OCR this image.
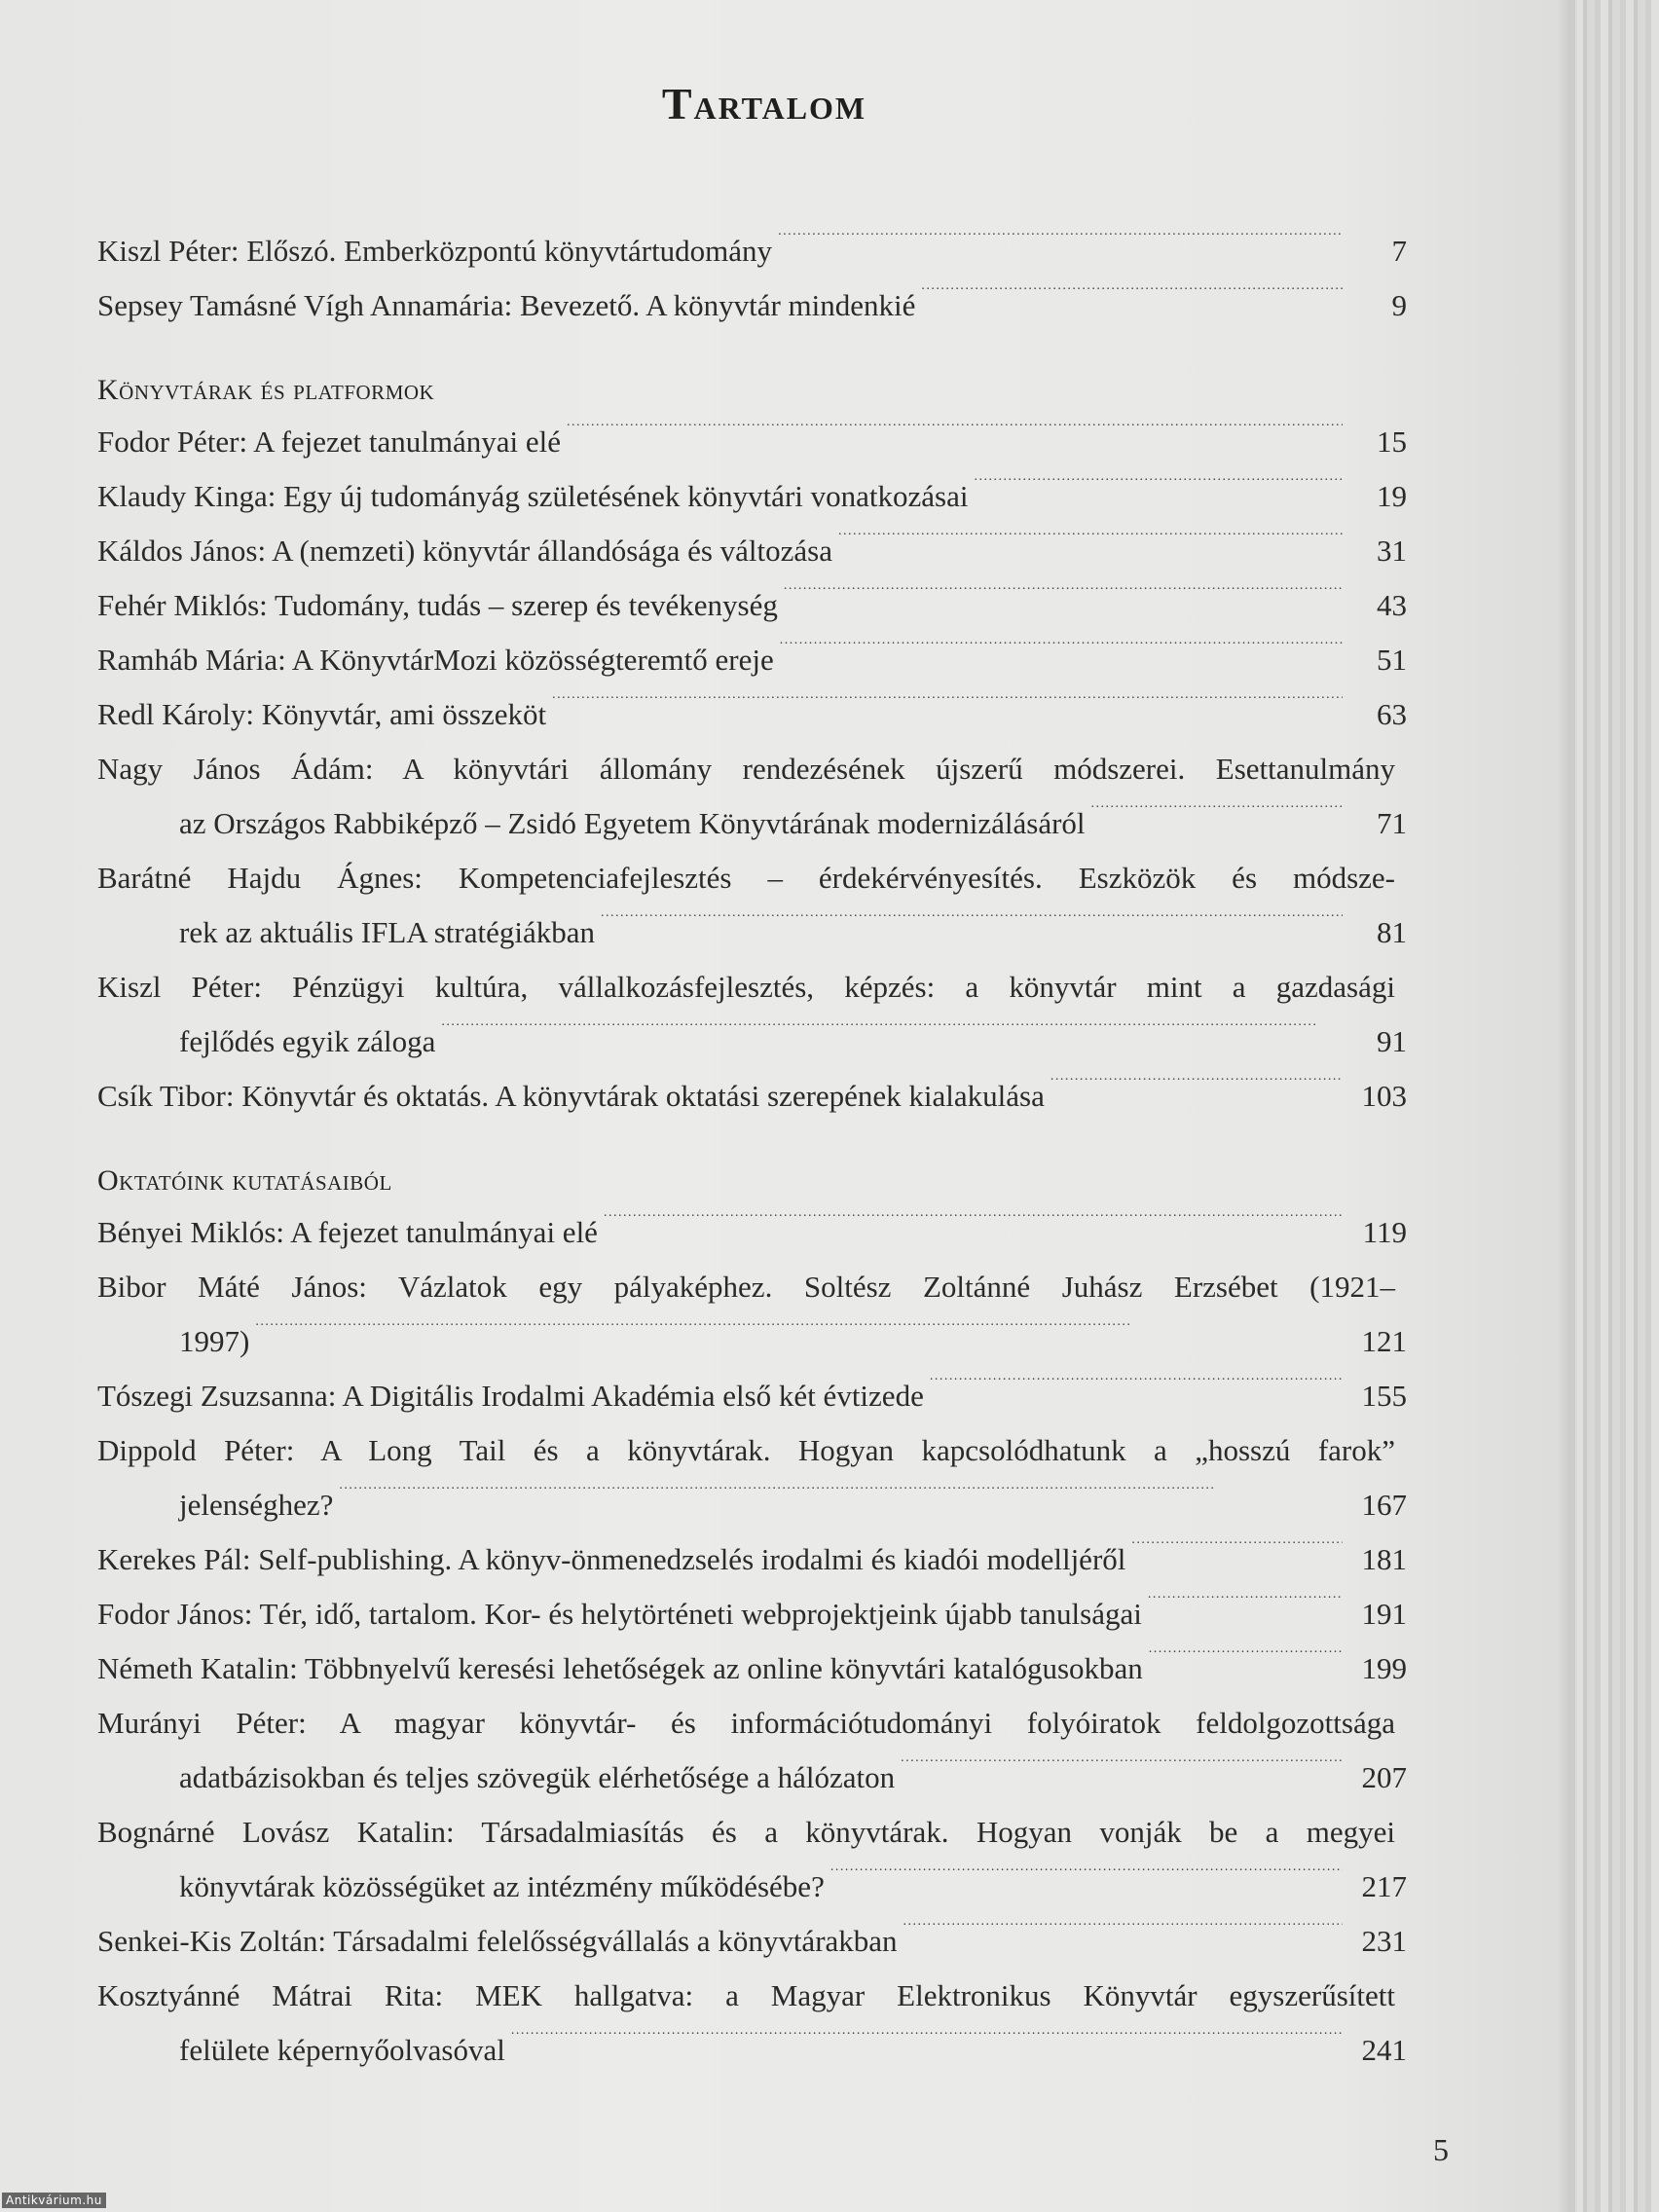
Tartalom
Kiszl Péter: Előszó. Emberközpontú könyvtártudomány . . .	7
Sepsey Tamásné Vígh Annamária: Bevezető. A könyvtár mindenkié . . .	9
Könyvtárak és platformok
Fodor Péter: A fejezet tanulmányai elé . . .	15
Klaudy Kinga: Egy új tudományág születésének könyvtári vonatkozásai . . .	19
Káldos János: A (nemzeti) könyvtár állandósága és változása . . .	31
Fehér Miklós: Tudomány, tudás – szerep és tevékenység . . .	43
Ramháb Mária: A KönyvtárMozi közösségteremtő ereje . . .	51
Redl Károly: Könyvtár, ami összeköt . . .	63
Nagy János Ádám: A könyvtári állomány rendezésének újszerű módszerei. Esettanulmány
az Országos Rabbiképző – Zsidó Egyetem Könyvtárának modernizálásáról . . .	71
Barátné Hajdu Ágnes: Kompetenciafejlesztés – érdekérvényesítés. Eszközök és módsze-
rek az aktuális IFLA stratégiákban . . .	81
Kiszl Péter: Pénzügyi kultúra, vállalkozásfejlesztés, képzés: a könyvtár mint a gazdasági
fejlődés egyik záloga . . .	91
Csík Tibor: Könyvtár és oktatás. A könyvtárak oktatási szerepének kialakulása . . .	103
Oktatóink kutatásaiból
Bényei Miklós: A fejezet tanulmányai elé . . .	119
Bibor Máté János: Vázlatok egy pályaképhez. Soltész Zoltánné Juhász Erzsébet (1921–
1997) . . .	121
Tószegi Zsuzsanna: A Digitális Irodalmi Akadémia első két évtizede . . .	155
Dippold Péter: A Long Tail és a könyvtárak. Hogyan kapcsolódhatunk a „hosszú farok”
jelenséghez? . . .	167
Kerekes Pál: Self-publishing. A könyv-önmenedzselés irodalmi és kiadói modelljéről . . .	181
Fodor János: Tér, idő, tartalom. Kor- és helytörténeti webprojektjeink újabb tanulságai . . .	191
Németh Katalin: Többnyelvű keresési lehetőségek az online könyvtári katalógusokban . . .	199
Murányi Péter: A magyar könyvtár- és információtudományi folyóiratok feldolgozottsága
adatbázisokban és teljes szövegük elérhetősége a hálózaton . . .	207
Bognárné Lovász Katalin: Társadalmiasítás és a könyvtárak. Hogyan vonják be a megyei
könyvtárak közösségüket az intézmény működésébe? . . .	217
Senkei-Kis Zoltán: Társadalmi felelősségvállalás a könyvtárakban . . .	231
Kosztyánné Mátrai Rita: MEK hallgatva: a Magyar Elektronikus Könyvtár egyszerűsített
felülete képernyőolvasóval . . .	241
5
Antikvárium.hu
